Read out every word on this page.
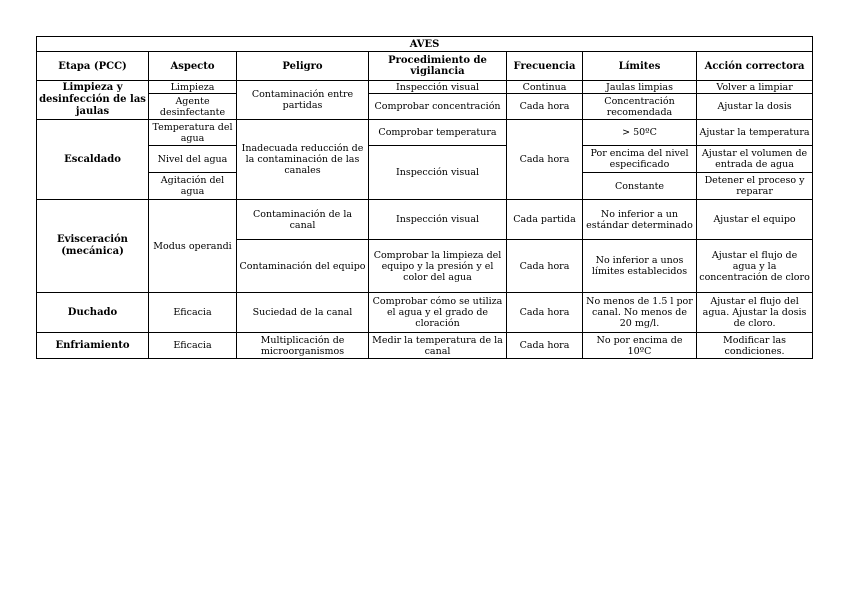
AVES						
Etapa (PCC)	Aspecto	Peligro	Procedimiento de vigilancia	Frecuencia	Límites	Acción correctora
Limpieza y desinfección de las jaulas	Limpieza	Contaminación entre partidas	Inspección visual	Continua	Jaulas limpias	Volver a limpiar
	Agente desinfectante		Comprobar concentración	Cada hora	Concentración recomendada	Ajustar la dosis
Escaldado	Temperatura del agua	Inadecuada reducción de la contaminación de las canales	Comprobar temperatura	Cada hora	> 50ºC	Ajustar la temperatura
	Nivel del agua		Inspección visual		Por encima del nivel especificado	Ajustar el volumen de entrada de agua
	Agitación del agua				Constante	Detener el proceso y reparar
Evisceración (mecánica)	Modus operandi	Contaminación de la canal	Inspección visual	Cada partida	No inferior a un estándar determinado	Ajustar el equipo
		Contaminación del equipo	Comprobar la limpieza del equipo y la presión y el color del agua	Cada hora	No inferior a unos límites establecidos	Ajustar el flujo de agua y la concentración de cloro
Duchado	Eficacia	Suciedad de la canal	Comprobar cómo se utiliza el agua y el grado de cloración	Cada hora	No menos de 1.5 l por canal. No menos de 20 mg/l.	Ajustar el flujo del agua. Ajustar la dosis de cloro.
Enfriamiento	Eficacia	Multiplicación de microorganismos	Medir la temperatura de la canal	Cada hora	No por encima de 10ºC	Modificar las condiciones.
